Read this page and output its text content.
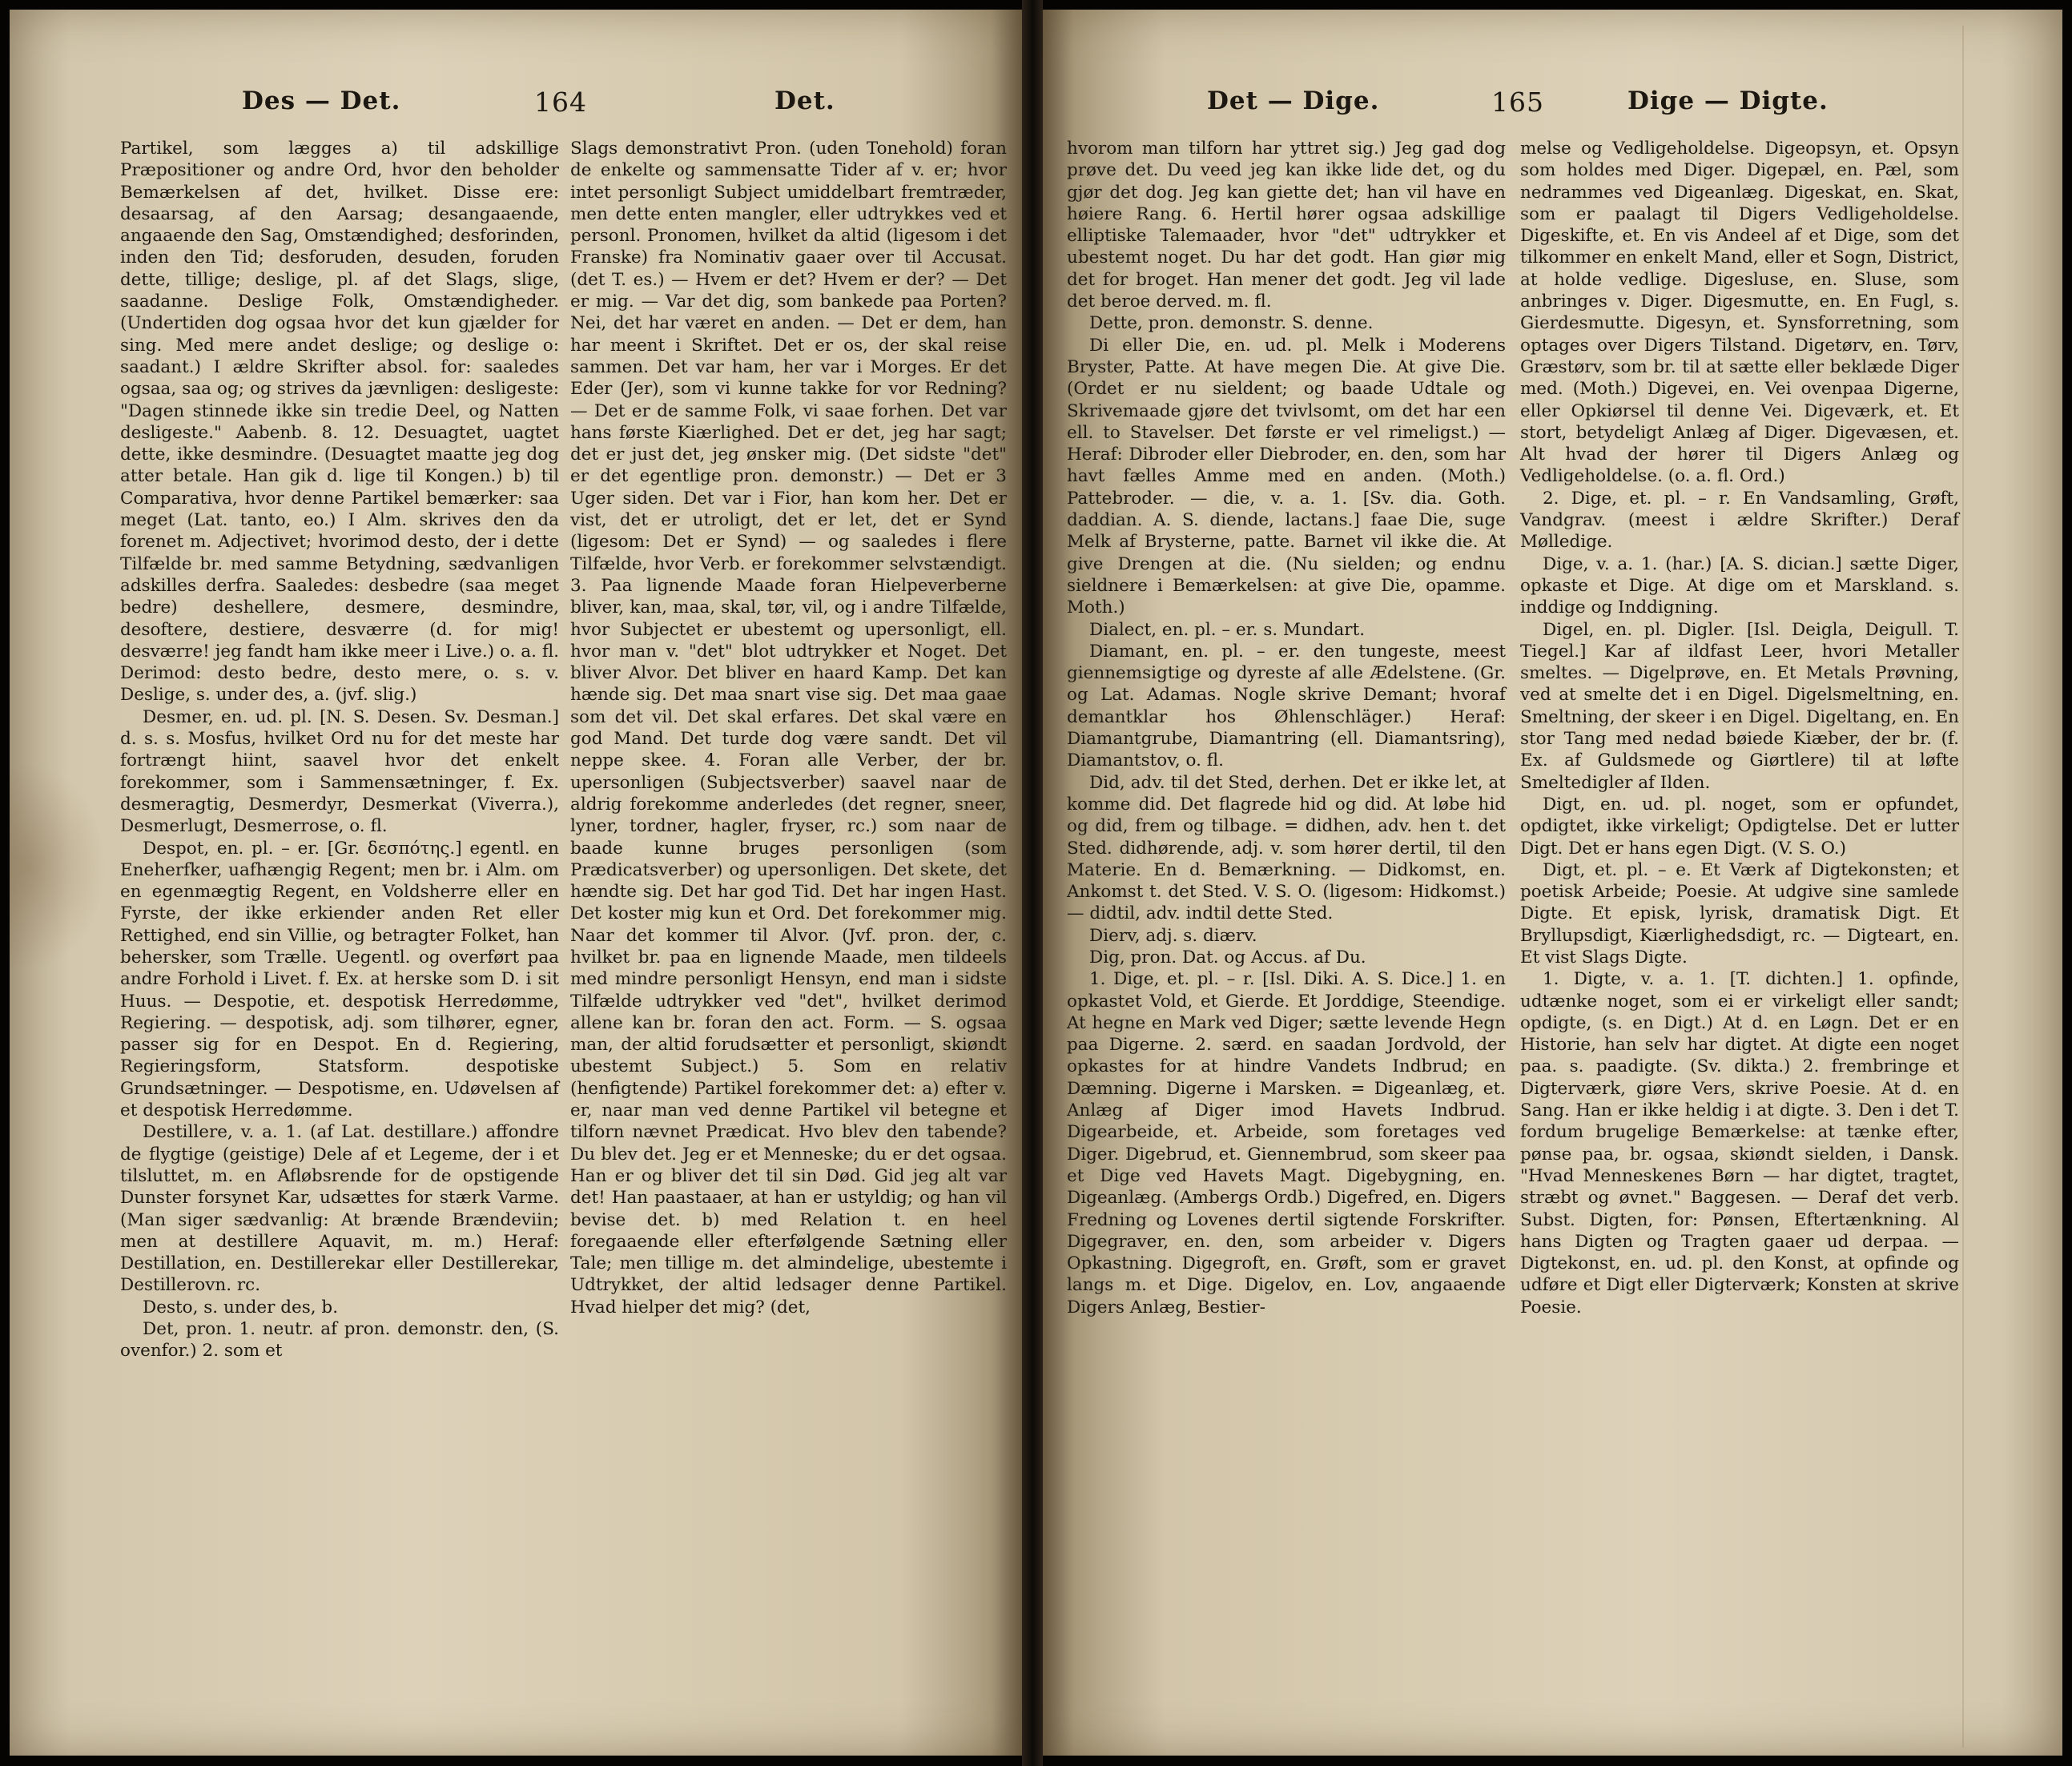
Des — Det.	164	Det.

Partikel, som lægges a) til adskillige Præpositioner og andre Ord, hvor den beholder Bemærkelsen af det, hvilket. Disse ere: desaarsag, af den Aarsag; desangaaende, angaaende den Sag, Omstændighed; desforinden, inden den Tid; desforuden, desuden, foruden dette, tillige; deslige, pl. af det Slags, slige, saadanne. Deslige Folk, Omstændigheder. (Undertiden dog ogsaa hvor det kun gjælder for sing. Med mere andet deslige; og deslige o: saadant.) I ældre Skrifter absol. for: saaledes ogsaa, saa og; og strives da jævnligen: desligeste: "Dagen stinnede ikke sin tredie Deel, og Natten desligeste." Aabenb. 8. 12. Desuagtet, uagtet dette, ikke desmindre. (Desuagtet maatte jeg dog atter betale. Han gik d. lige til Kongen.) b) til Comparativa, hvor denne Partikel bemærker: saa meget (Lat. tanto, eo.) I Alm. skrives den da forenet m. Adjectivet; hvorimod desto, der i dette Tilfælde br. med samme Betydning, sædvanligen adskilles derfra. Saaledes: desbedre (saa meget bedre) deshellere, desmere, desmindre, desoftere, destiere, desværre (d. for mig! desværre! jeg fandt ham ikke meer i Live.) o. a. fl. Derimod: desto bedre, desto mere, o. s. v. Deslige, s. under des, a. (jvf. slig.)

Desmer, en. ud. pl. [N. S. Desen. Sv. Desman.] d. s. s. Mosfus, hvilket Ord nu for det meste har fortrængt hiint, saavel hvor det enkelt forekommer, som i Sammensætninger, f. Ex. desmeragtig, Desmerdyr, Desmerkat (Viverra.), Desmerlugt, Desmerrose, o. fl.

Despot, en. pl. – er. [Gr. δεσπότης.] egentl. en Eneherfker, uafhængig Regent; men br. i Alm. om en egenmægtig Regent, en Voldsherre eller en Fyrste, der ikke erkiender anden Ret eller Rettighed, end sin Villie, og betragter Folket, han behersker, som Trælle. Uegentl. og overført paa andre Forhold i Livet. f. Ex. at herske som D. i sit Huus. — Despotie, et. despotisk Herredømme, Regiering. — despotisk, adj. som tilhører, egner, passer sig for en Despot. En d. Regiering, Regieringsform, Statsform. despotiske Grundsætninger. — Despotisme, en. Udøvelsen af et despotisk Herredømme.

Destillere, v. a. 1. (af Lat. destillare.) affondre de flygtige (geistige) Dele af et Legeme, der i et tilsluttet, m. en Afløbsrende for de opstigende Dunster forsynet Kar, udsættes for stærk Varme. (Man siger sædvanlig: At brænde Brændeviin; men at destillere Aquavit, m. m.) Heraf: Destillation, en. Destillerekar eller Destillerekar, Destillerovn. rc.

Desto, s. under des, b.

Det, pron. 1. neutr. af pron. demonstr. den, (S. ovenfor.) 2. som et

Slags demonstrativt Pron. (uden Tonehold) foran de enkelte og sammensatte Tider af v. er; hvor intet personligt Subject umiddelbart fremtræder, men dette enten mangler, eller udtrykkes ved et personl. Pronomen, hvilket da altid (ligesom i det Franske) fra Nominativ gaaer over til Accusat. (det T. es.) — Hvem er det? Hvem er der? — Det er mig. — Var det dig, som bankede paa Porten? Nei, det har været en anden. — Det er dem, han har meent i Skriftet. Det er os, der skal reise sammen. Det var ham, her var i Morges. Er det Eder (Jer), som vi kunne takke for vor Redning? — Det er de samme Folk, vi saae forhen. Det var hans første Kiærlighed. Det er det, jeg har sagt; det er just det, jeg ønsker mig. (Det sidste "det" er det egentlige pron. demonstr.) — Det er 3 Uger siden. Det var i Fior, han kom her. Det er vist, det er utroligt, det er let, det er Synd (ligesom: Det er Synd) — og saaledes i flere Tilfælde, hvor Verb. er forekommer selvstændigt. 3. Paa lignende Maade foran Hielpeverberne bliver, kan, maa, skal, tør, vil, og i andre Tilfælde, hvor Subjectet er ubestemt og upersonligt, ell. hvor man v. "det" blot udtrykker et Noget. Det bliver Alvor. Det bliver en haard Kamp. Det kan hænde sig. Det maa snart vise sig. Det maa gaae som det vil. Det skal erfares. Det skal være en god Mand. Det turde dog være sandt. Det vil neppe skee. 4. Foran alle Verber, der br. upersonligen (Subjectsverber) saavel naar de aldrig forekomme anderledes (det regner, sneer, lyner, tordner, hagler, fryser, rc.) som naar de baade kunne bruges personligen (som Prædicatsverber) og upersonligen. Det skete, det hændte sig. Det har god Tid. Det har ingen Hast. Det koster mig kun et Ord. Det forekommer mig. Naar det kommer til Alvor. (Jvf. pron. der, c. hvilket br. paa en lignende Maade, men tildeels med mindre personligt Hensyn, end man i sidste Tilfælde udtrykker ved "det", hvilket derimod allene kan br. foran den act. Form. — S. ogsaa man, der altid forudsætter et personligt, skiøndt ubestemt Subject.) 5. Som en relativ (henfigtende) Partikel forekommer det: a) efter v. er, naar man ved denne Partikel vil betegne et tilforn nævnet Prædicat. Hvo blev den tabende? Du blev det. Jeg er et Menneske; du er det ogsaa. Han er og bliver det til sin Død. Gid jeg alt var det! Han paastaaer, at han er ustyldig; og han vil bevise det. b) med Relation t. en heel foregaaende eller efterfølgende Sætning eller Tale; men tillige m. det almindelige, ubestemte i Udtrykket, der altid ledsager denne Partikel. Hvad hielper det mig? (det,

Det — Dige.	165	Dige — Digte.

hvorom man tilforn har yttret sig.) Jeg gad dog prøve det. Du veed jeg kan ikke lide det, og du gjør det dog. Jeg kan giette det; han vil have en høiere Rang. 6. Hertil hører ogsaa adskillige elliptiske Talemaader, hvor "det" udtrykker et ubestemt noget. Du har det godt. Han giør mig det for broget. Han mener det godt. Jeg vil lade det beroe derved. m. fl.

Dette, pron. demonstr. S. denne.

Di eller Die, en. ud. pl. Melk i Moderens Bryster, Patte. At have megen Die. At give Die. (Ordet er nu sieldent; og baade Udtale og Skrivemaade gjøre det tvivlsomt, om det har een ell. to Stavelser. Det første er vel rimeligst.) — Heraf: Dibroder eller Diebroder, en. den, som har havt fælles Amme med en anden. (Moth.) Pattebroder. — die, v. a. 1. [Sv. dia. Goth. daddian. A. S. diende, lactans.] faae Die, suge Melk af Brysterne, patte. Barnet vil ikke die. At give Drengen at die. (Nu sielden; og endnu sieldnere i Bemærkelsen: at give Die, opamme. Moth.)

Dialect, en. pl. – er. s. Mundart.

Diamant, en. pl. – er. den tungeste, meest giennemsigtige og dyreste af alle Ædelstene. (Gr. og Lat. Adamas. Nogle skrive Demant; hvoraf demantklar hos Øhlenschläger.) Heraf: Diamantgrube, Diamantring (ell. Diamantsring), Diamantstov, o. fl.

Did, adv. til det Sted, derhen. Det er ikke let, at komme did. Det flagrede hid og did. At løbe hid og did, frem og tilbage. = didhen, adv. hen t. det Sted. didhørende, adj. v. som hører dertil, til den Materie. En d. Bemærkning. — Didkomst, en. Ankomst t. det Sted. V. S. O. (ligesom: Hidkomst.) — didtil, adv. indtil dette Sted.

Dierv, adj. s. diærv.

Dig, pron. Dat. og Accus. af Du.

1. Dige, et. pl. – r. [Isl. Diki. A. S. Dice.] 1. en opkastet Vold, et Gierde. Et Jorddige, Steendige. At hegne en Mark ved Diger; sætte levende Hegn paa Digerne. 2. særd. en saadan Jordvold, der opkastes for at hindre Vandets Indbrud; en Dæmning. Digerne i Marsken. = Digeanlæg, et. Anlæg af Diger imod Havets Indbrud. Digearbeide, et. Arbeide, som foretages ved Diger. Digebrud, et. Giennembrud, som skeer paa et Dige ved Havets Magt. Digebygning, en. Digeanlæg. (Ambergs Ordb.) Digefred, en. Digers Fredning og Lovenes dertil sigtende Forskrifter. Digegraver, en. den, som arbeider v. Digers Opkastning. Digegroft, en. Grøft, som er gravet langs m. et Dige. Digelov, en. Lov, angaaende Digers Anlæg, Bestier-

melse og Vedligeholdelse. Digeopsyn, et. Opsyn som holdes med Diger. Digepæl, en. Pæl, som nedrammes ved Digeanlæg. Digeskat, en. Skat, som er paalagt til Digers Vedligeholdelse. Digeskifte, et. En vis Andeel af et Dige, som det tilkommer en enkelt Mand, eller et Sogn, District, at holde vedlige. Digesluse, en. Sluse, som anbringes v. Diger. Digesmutte, en. En Fugl, s. Gierdesmutte. Digesyn, et. Synsforretning, som optages over Digers Tilstand. Digetørv, en. Tørv, Græstørv, som br. til at sætte eller beklæde Diger med. (Moth.) Digevei, en. Vei ovenpaa Digerne, eller Opkiørsel til denne Vei. Digeværk, et. Et stort, betydeligt Anlæg af Diger. Digevæsen, et. Alt hvad der hører til Digers Anlæg og Vedligeholdelse. (o. a. fl. Ord.)

2. Dige, et. pl. – r. En Vandsamling, Grøft, Vandgrav. (meest i ældre Skrifter.) Deraf Mølledige.

Dige, v. a. 1. (har.) [A. S. dician.] sætte Diger, opkaste et Dige. At dige om et Marskland. s. inddige og Inddigning.

Digel, en. pl. Digler. [Isl. Deigla, Deigull. T. Tiegel.] Kar af ildfast Leer, hvori Metaller smeltes. — Digelprøve, en. Et Metals Prøvning, ved at smelte det i en Digel. Digelsmeltning, en. Smeltning, der skeer i en Digel. Digeltang, en. En stor Tang med nedad bøiede Kiæber, der br. (f. Ex. af Guldsmede og Giørtlere) til at løfte Smeltedigler af Ilden.

Digt, en. ud. pl. noget, som er opfundet, opdigtet, ikke virkeligt; Opdigtelse. Det er lutter Digt. Det er hans egen Digt. (V. S. O.)

Digt, et. pl. – e. Et Værk af Digtekonsten; et poetisk Arbeide; Poesie. At udgive sine samlede Digte. Et episk, lyrisk, dramatisk Digt. Et Bryllupsdigt, Kiærlighedsdigt, rc. — Digteart, en. Et vist Slags Digte.

1. Digte, v. a. 1. [T. dichten.] 1. opfinde, udtænke noget, som ei er virkeligt eller sandt; opdigte, (s. en Digt.) At d. en Løgn. Det er en Historie, han selv har digtet. At digte een noget paa. s. paadigte. (Sv. diktа.) 2. frembringe et Digterværk, giøre Vers, skrive Poesie. At d. en Sang. Han er ikke heldig i at digte. 3. Den i det T. fordum brugelige Bemærkelse: at tænke efter, pønse paa, br. ogsaa, skiøndt sielden, i Dansk. "Hvad Menneskenes Børn — har digtet, tragtet, stræbt og øvnet." Baggesen. — Deraf det verb. Subst. Digten, for: Pønsen, Eftertænkning. Al hans Digten og Tragten gaaer ud derpaa. — Digtekonst, en. ud. pl. den Konst, at opfinde og udføre et Digt eller Digterværk; Konsten at skrive Poesie.
